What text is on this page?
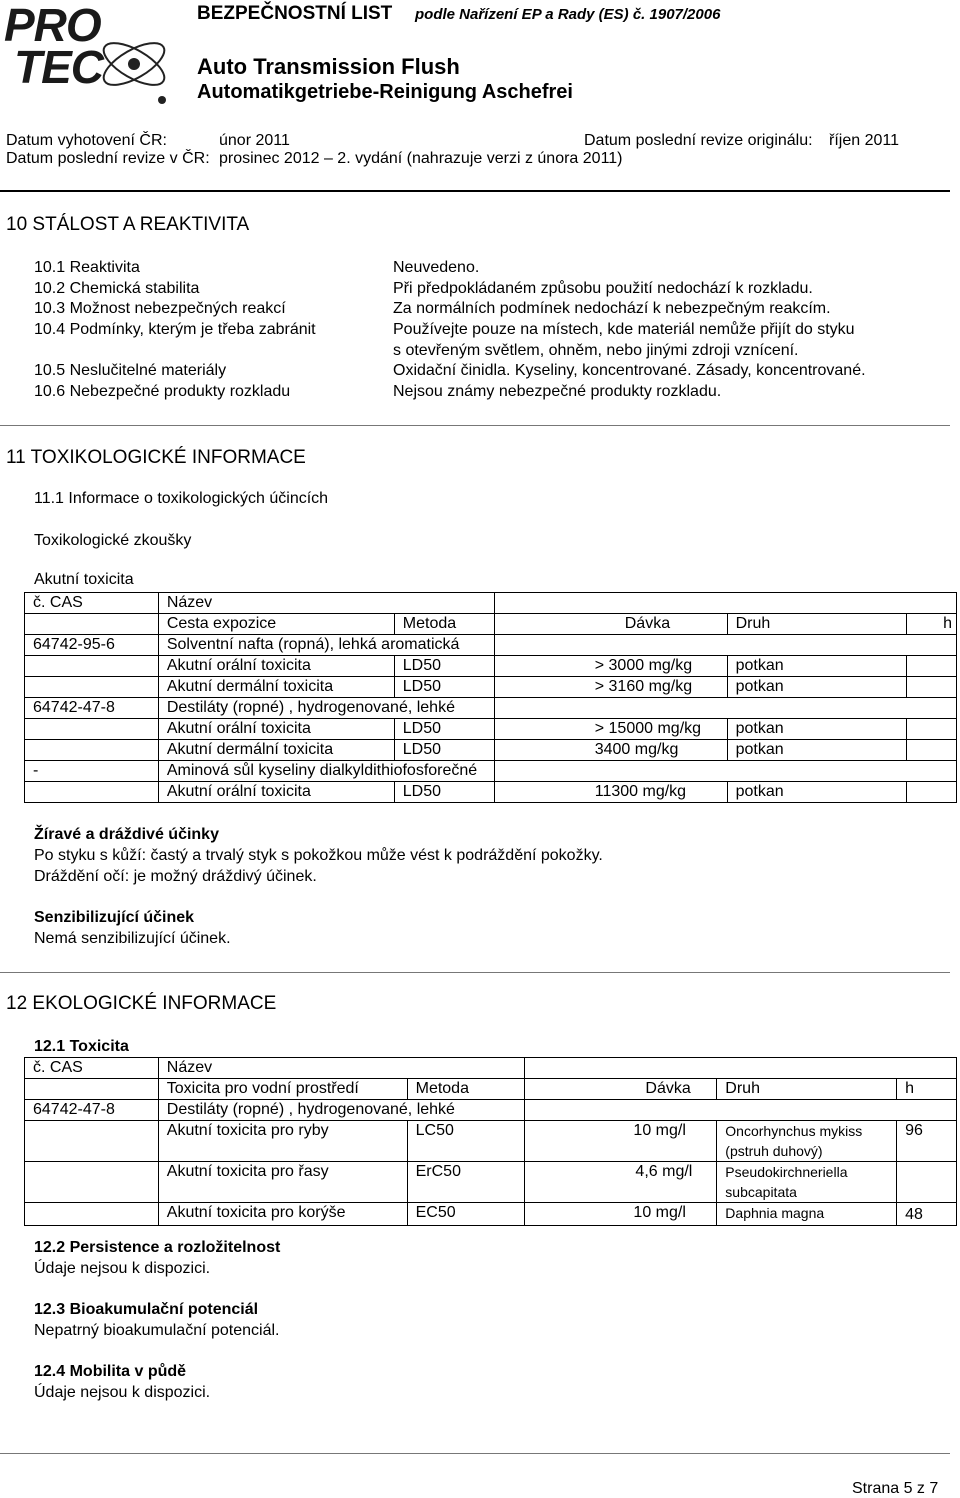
PRO
TEC
BEZPEČNOSTNÍ LIST podle Nařízení EP a Rady (ES) č. 1907/2006
Auto Transmission Flush
Automatikgetriebe-Reinigung Aschefrei
Datum vyhotovení ČR:	únor 2011	Datum poslední revize originálu: říjen 2011
Datum poslední revize v ČR: prosinec 2012 – 2. vydání (nahrazuje verzi z února 2011)
10 STÁLOST A REAKTIVITA
10.1 Reaktivita	Neuvedeno.
10.2 Chemická stabilita	Při předpokládaném způsobu použití nedochází k rozkladu.
10.3 Možnost nebezpečných reakcí	Za normálních podmínek nedochází k nebezpečným reakcím.
10.4 Podmínky, kterým je třeba zabránit	Používejte pouze na místech, kde materiál nemůže přijít do styku
s otevřeným světlem, ohněm, nebo jinými zdroji vznícení.
10.5 Neslučitelné materiály	Oxidační činidla. Kyseliny, koncentrované. Zásady, koncentrované.
10.6 Nebezpečné produkty rozkladu	Nejsou známy nebezpečné produkty rozkladu.
11 TOXIKOLOGICKÉ INFORMACE
11.1 Informace o toxikologických účincích
Toxikologické zkoušky
Akutní toxicita
č. CAS	Název				
	Cesta expozice	Metoda	Dávka	Druh	h
64742-95-6	Solventní nafta (ropná), lehká aromatická				
	Akutní orální toxicita	LD50	> 3000 mg/kg	potkan	
	Akutní dermální toxicita	LD50	> 3160 mg/kg	potkan	
64742-47-8	Destiláty (ropné) , hydrogenované, lehké				
	Akutní orální toxicita	LD50	> 15000 mg/kg	potkan	
	Akutní dermální toxicita	LD50	3400 mg/kg	potkan	
-	Aminová sůl kyseliny dialkyldithiofosforečné				
	Akutní orální toxicita	LD50	11300 mg/kg	potkan	
Žíravé a dráždivé účinky
Po styku s kůží: častý a trvalý styk s pokožkou může vést k podráždění pokožky.
Dráždění očí: je možný dráždivý účinek.
Senzibilizující účinek
Nemá senzibilizující účinek.
12 EKOLOGICKÉ INFORMACE
12.1 Toxicita
č. CAS	Název				
	Toxicita pro vodní prostředí	Metoda	Dávka	Druh	h
64742-47-8	Destiláty (ropné) , hydrogenované, lehké				
	Akutní toxicita pro ryby	LC50	10 mg/l	Oncorhynchus mykiss
(pstruh duhový)	96
	Akutní toxicita pro řasy	ErC50	4,6 mg/l	Pseudokirchneriella
subcapitata	

	Akutní toxicita pro korýše	EC50	10 mg/l	Daphnia magna	48
12.2 Persistence a rozložitelnost
Údaje nejsou k dispozici.
12.3 Bioakumulační potenciál
Nepatrný bioakumulační potenciál.
12.4 Mobilita v půdě
Údaje nejsou k dispozici.
Strana 5 z 7
